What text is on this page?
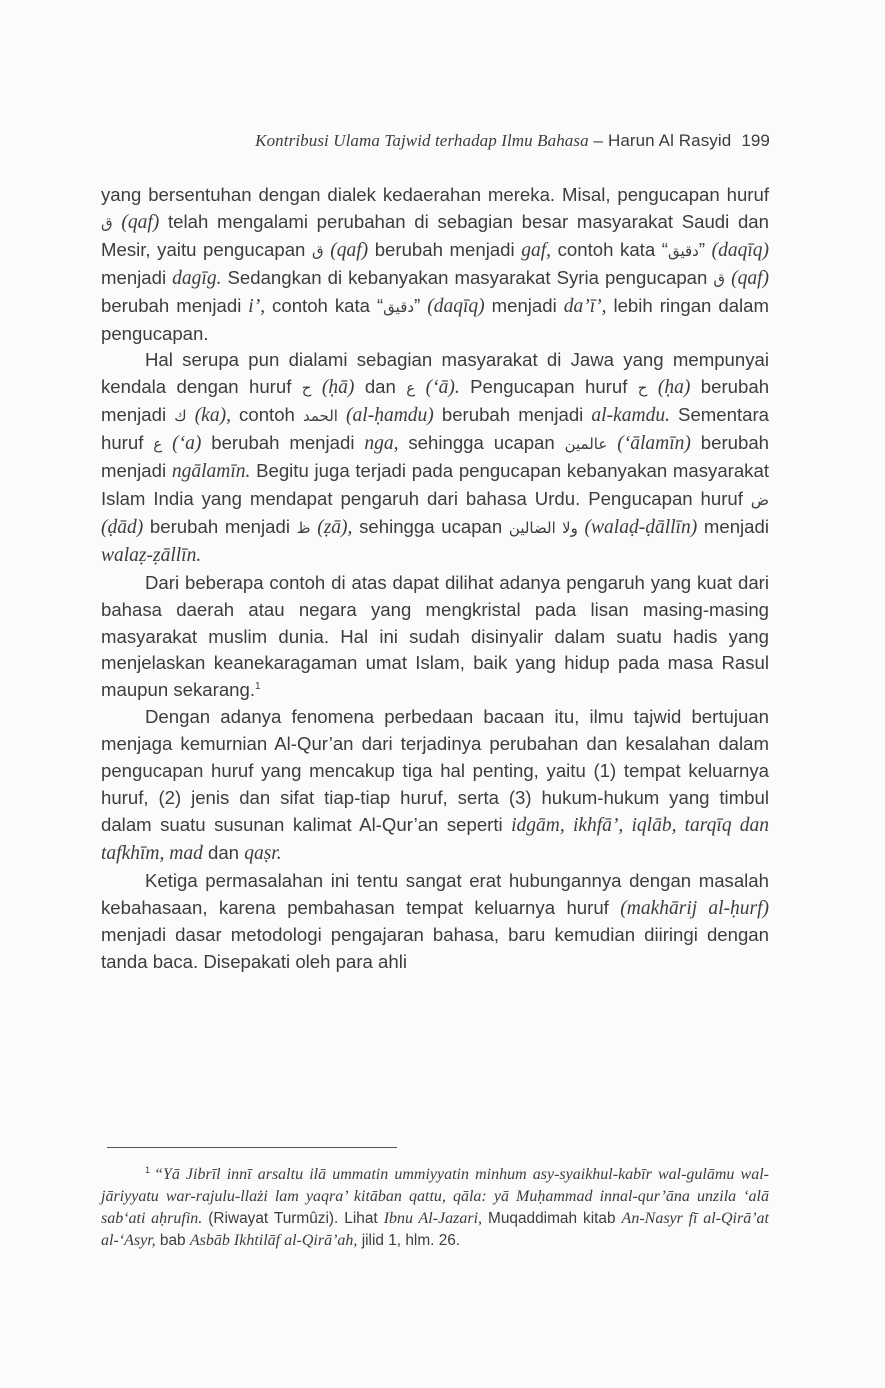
Kontribusi Ulama Tajwid terhadap Ilmu Bahasa – Harun Al Rasyid 199

yang bersentuhan dengan dialek kedaerahan mereka. Misal, pengucapan huruf ق (qaf) telah mengalami perubahan di sebagian besar masyarakat Saudi dan Mesir, yaitu pengucapan ق (qaf) berubah menjadi gaf, contoh kata “دقيق” (daqīq) menjadi dagīg. Sedangkan di kebanyakan masyarakat Syria pengucapan ق (qaf) berubah menjadi i’, contoh kata “دقيق” (daqīq) menjadi da’ī’, lebih ringan dalam pengucapan.

Hal serupa pun dialami sebagian masyarakat di Jawa yang mempunyai kendala dengan huruf ح (ḥā) dan ع (‘ā). Pengucapan huruf ح (ḥa) berubah menjadi ك (ka), contoh الحمد (al-ḥamdu) berubah menjadi al-kamdu. Sementara huruf ع (‘a) berubah menjadi nga, sehingga ucapan عالمين (‘ālamīn) berubah menjadi ngālamīn. Begitu juga terjadi pada pengucapan kebanyakan masyarakat Islam India yang mendapat pengaruh dari bahasa Urdu. Pengucapan huruf ض (ḍād) berubah menjadi ظ (ẓā), sehingga ucapan ولا الضالين (walaḍ-ḍāllīn) menjadi walaẓ-ẓāllīn.

Dari beberapa contoh di atas dapat dilihat adanya pengaruh yang kuat dari bahasa daerah atau negara yang mengkristal pada lisan masing-masing masyarakat muslim dunia. Hal ini sudah disinyalir dalam suatu hadis yang menjelaskan keanekaragaman umat Islam, baik yang hidup pada masa Rasul maupun sekarang.$^1$

Dengan adanya fenomena perbedaan bacaan itu, ilmu tajwid bertujuan menjaga kemurnian Al-Qur’an dari terjadinya perubahan dan kesalahan dalam pengucapan huruf yang mencakup tiga hal penting, yaitu (1) tempat keluarnya huruf, (2) jenis dan sifat tiap-tiap huruf, serta (3) hukum-hukum yang timbul dalam suatu susunan kalimat Al-Qur’an seperti idgām, ikhfā’, iqlāb, tarqīq dan tafkhīm, mad dan qaṣr.

Ketiga permasalahan ini tentu sangat erat hubungannya dengan masalah kebahasaan, karena pembahasan tempat keluarnya huruf (makhārij al-ḥurf) menjadi dasar metodologi pengajaran bahasa, baru kemudian diiringi dengan tanda baca. Disepakati oleh para ahli

$^1$ “Yā Jibrīl innī arsaltu ilā ummatin ummiyyatin minhum asy-syaikhul-kabīr wal-gulāmu wal-jāriyyatu war-rajulu-llażi lam yaqra’ kitāban qattu, qāla: yā Muḥammad innal-qur’āna unzila ‘alā sab‘ati aḥrufin. (Riwayat Turmûzi). Lihat Ibnu Al-Jazari, Muqaddimah kitab An-Nasyr fī al-Qirā’at al-‘Asyr, bab Asbāb Ikhtilāf al-Qirā’ah, jilid 1, hlm. 26.
